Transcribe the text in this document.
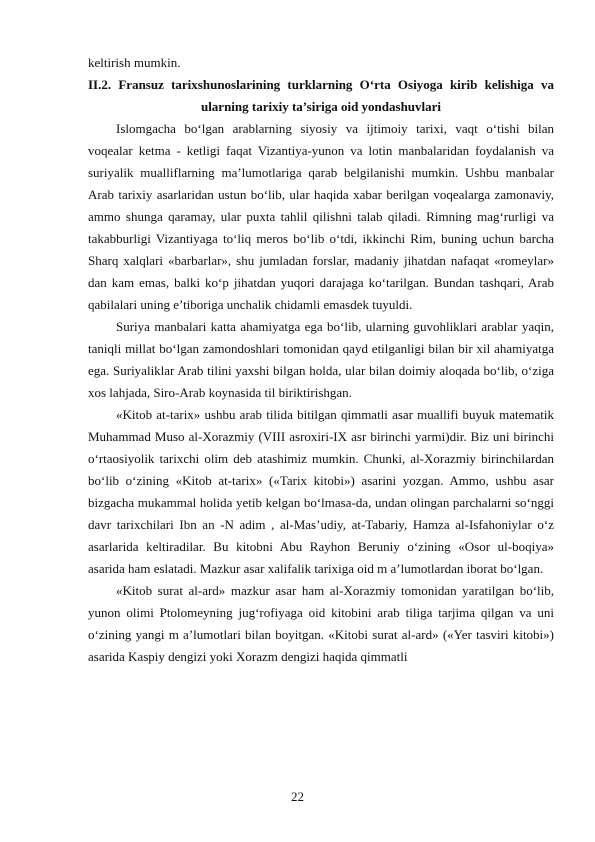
keltirish mumkin.
II.2. Fransuz tarixshunoslarining turklarning O‘rta Osiyoga kirib kelishiga va
ularning tarixiy ta’siriga oid yondashuvlari

Islomgacha bo‘lgan arablarning siyosiy va ijtimoiy tarixi, vaqt o‘tishi bilan voqealar ketma - ketligi faqat Vizantiya-yunon va lotin manbalaridan foydalanish va suriyalik mualliflarning ma’lumotlariga qarab belgilanishi mumkin. Ushbu manbalar Arab tarixiy asarlaridan ustun bo‘lib, ular haqida xabar berilgan voqealarga zamonaviy, ammo shunga qaramay, ular puxta tahlil qilishni talab qiladi. Rimning mag‘rurligi va takabburligi Vizantiyaga to‘liq meros bo‘lib o‘tdi, ikkinchi Rim, buning uchun barcha Sharq xalqlari «barbarlar», shu jumladan forslar, madaniy jihatdan nafaqat «romeylar» dan kam emas, balki ko‘p jihatdan yuqori darajaga ko‘tarilgan. Bundan tashqari, Arab qabilalari uning e’tiboriga unchalik chidamli emasdek tuyuldi.

Suriya manbalari katta ahamiyatga ega bo‘lib, ularning guvohliklari arablar yaqin, taniqli millat bo‘lgan zamondoshlari tomonidan qayd etilganligi bilan bir xil ahamiyatga ega. Suriyaliklar Arab tilini yaxshi bilgan holda, ular bilan doimiy aloqada bo‘lib, o‘ziga xos lahjada, Siro-Arab koynasida til biriktirishgan.

«Kitob at-tarix» ushbu arab tilida bitilgan qimmatli asar muallifi buyuk matematik Muhammad Muso al-Xorazmiy (VIII asroxiri-IX asr birinchi yarmi)dir. Biz uni birinchi o‘rtaosiyolik tarixchi olim deb atashimiz mumkin. Chunki, al-Xorazmiy birinchilardan bo‘lib o‘zining «Kitob at-tarix» («Tarix kitobi») asarini yozgan. Ammo, ushbu asar bizgacha mukammal holida yetib kelgan bo‘lmasa-da, undan olingan parchalarni so‘nggi davr tarixchilari Ibn an -N adim , al-Mas’udiy, at-Tabariy, Hamza al-Isfahoniylar o‘z asarlarida keltiradilar. Bu kitobni Abu Rayhon Beruniy o‘zining «Osor ul-boqiya» asarida ham eslatadi. Mazkur asar xalifalik tarixiga oid m a’lumotlardan iborat bo‘lgan.

«Kitob surat al-ard» mazkur asar ham al-Xorazmiy tomonidan yaratilgan bo‘lib, yunon olimi Ptolomeyning jug‘rofiyaga oid kitobini arab tiliga tarjima qilgan va uni o‘zining yangi m a’lumotlari bilan boyitgan. «Kitobi surat al-ard» («Yer tasviri kitobi») asarida Kaspiy dengizi yoki Xorazm dengizi haqida qimmatli

22
